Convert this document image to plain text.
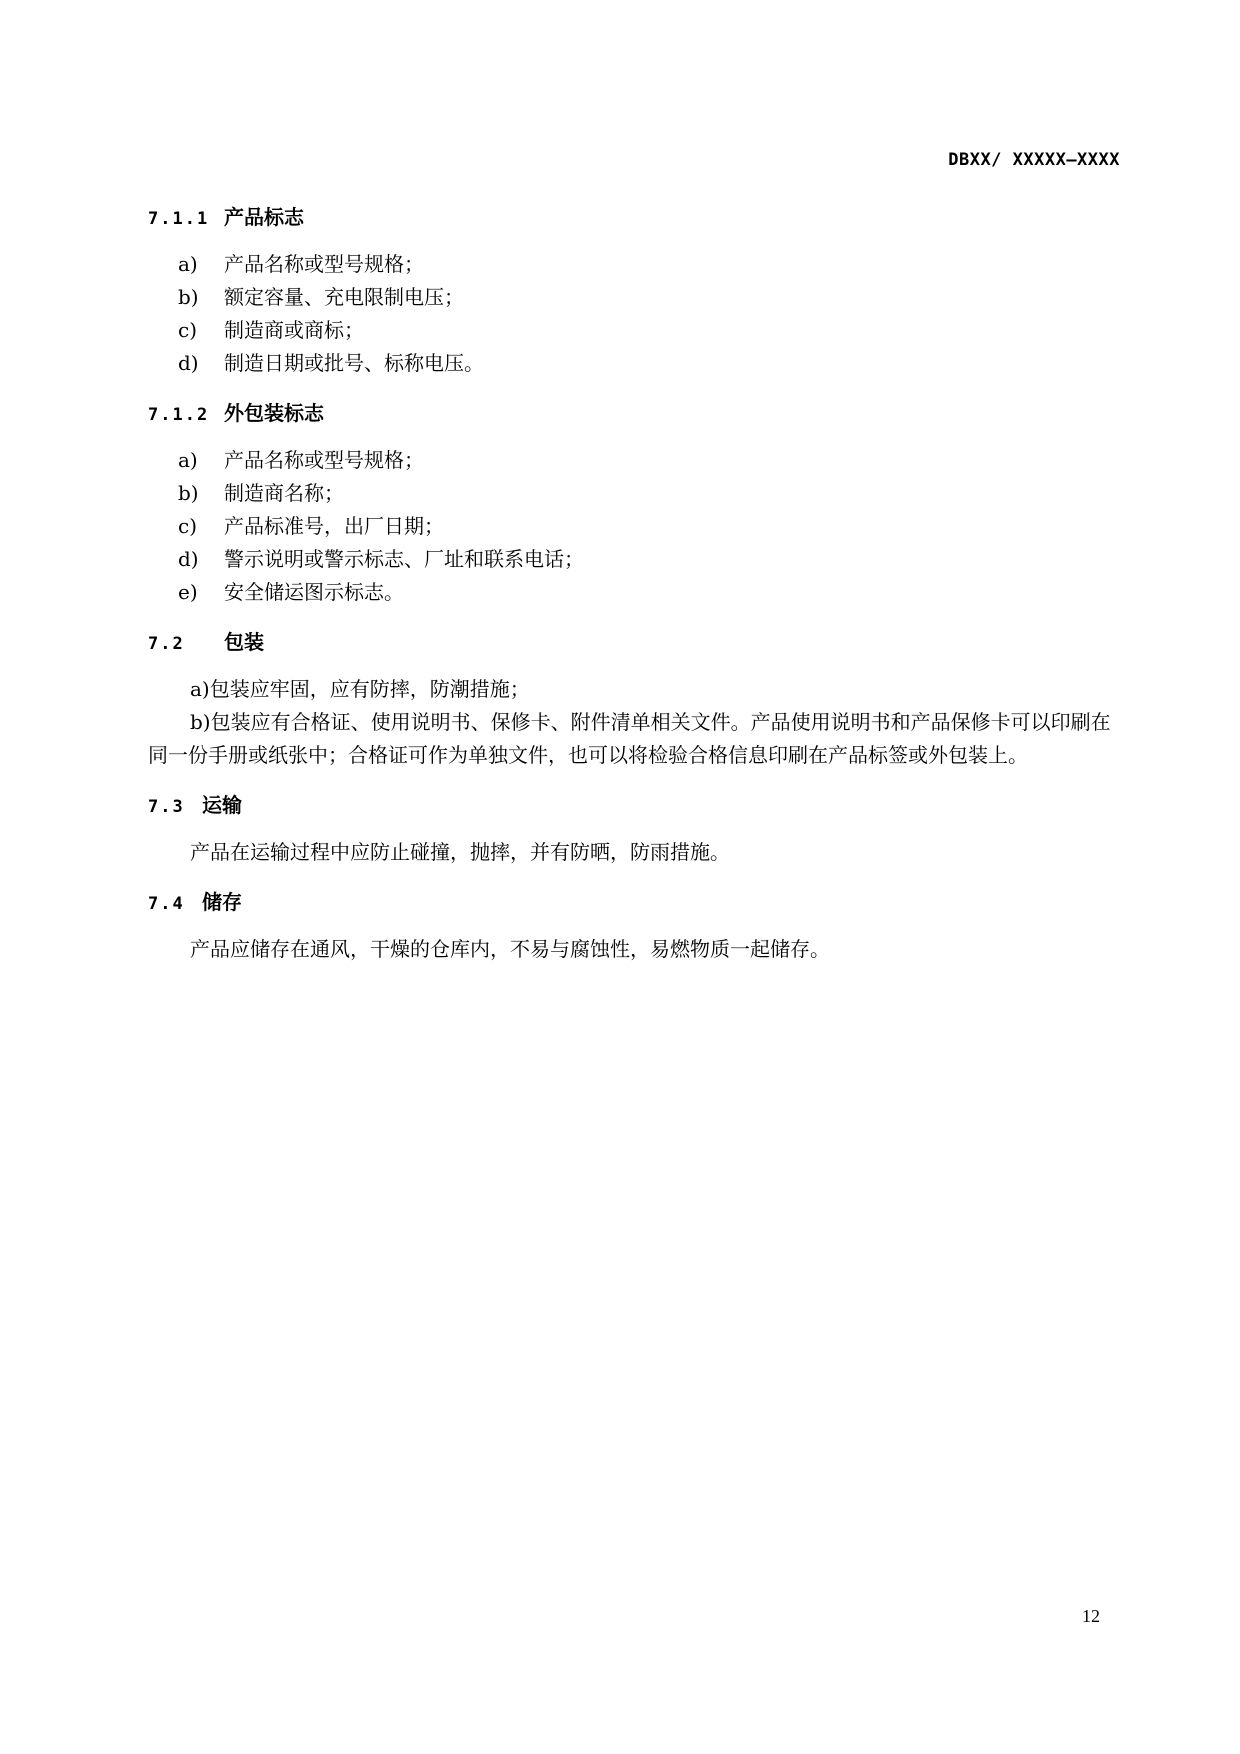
DBXX/ XXXXX—XXXX
7.1.1 产品标志
a)	产品名称或型号规格；
b)	额定容量、充电限制电压；
c)	制造商或商标；
d)	制造日期或批号、标称电压。
7.1.2 外包装标志
a)	产品名称或型号规格；
b)	制造商名称；
c)	产品标准号，出厂日期；
d)	警示说明或警示标志、厂址和联系电话；
e)	安全储运图示标志。
7.2	包装

a)包装应牢固，应有防摔，防潮措施；

b)包装应有合格证、使用说明书、保修卡、附件清单相关文件。产品使用说明书和产品保修卡可以印刷在同一份手册或纸张中；合格证可作为单独文件，也可以将检验合格信息印刷在产品标签或外包装上。

7.3 运输

产品在运输过程中应防止碰撞，抛摔，并有防晒，防雨措施。

7.4 储存

产品应储存在通风，干燥的仓库内，不易与腐蚀性，易燃物质一起储存。

12
